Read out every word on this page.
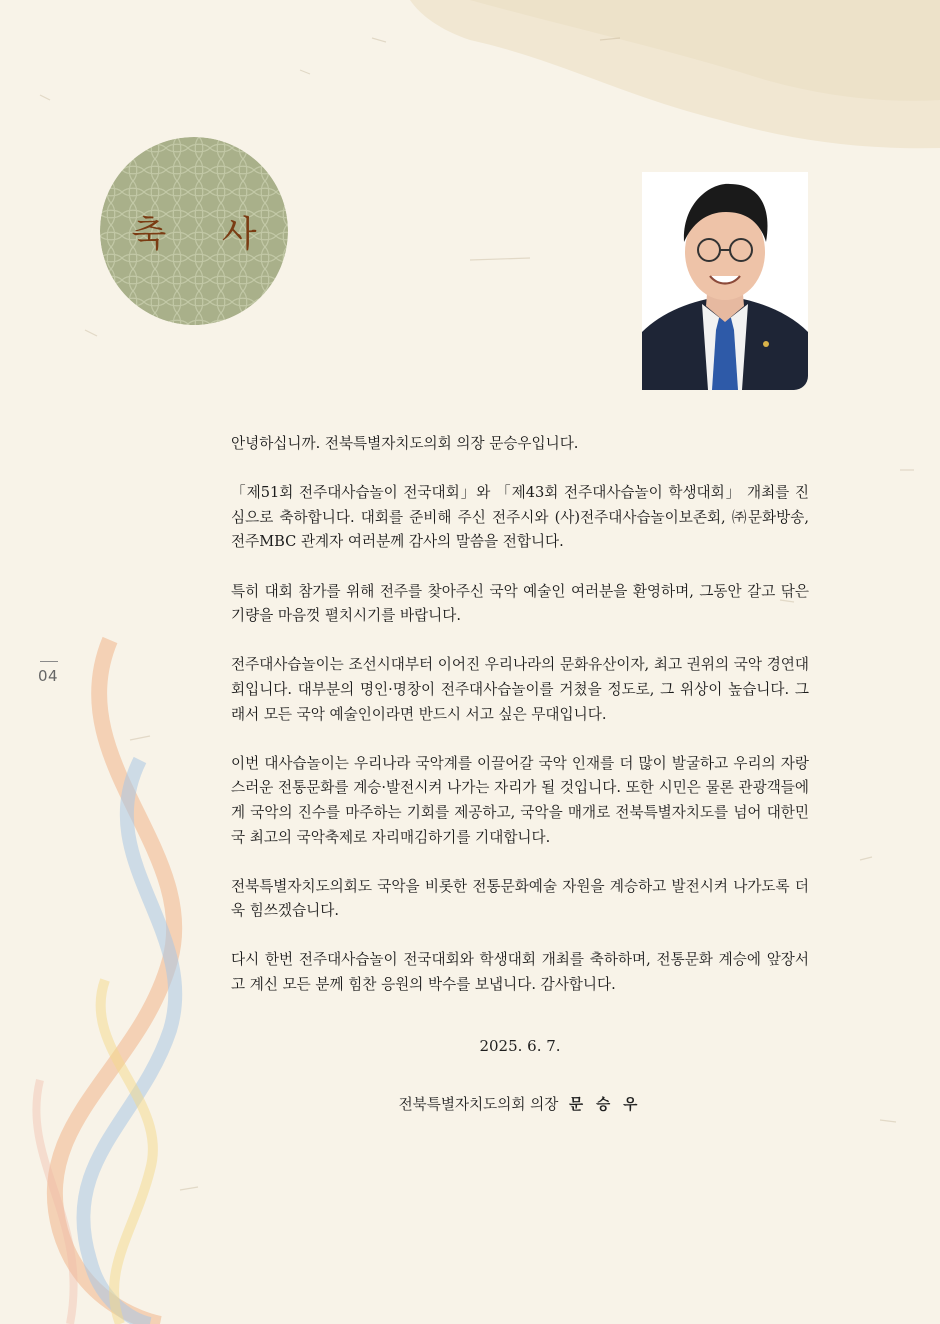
축 사
04

안녕하십니까. 전북특별자치도의회 의장 문승우입니다.

「제51회 전주대사습놀이 전국대회」와 「제43회 전주대사습놀이 학생대회」 개최를 진심으로 축하합니다. 대회를 준비해 주신 전주시와 (사)전주대사습놀이보존회, ㈜문화방송, 전주MBC 관계자 여러분께 감사의 말씀을 전합니다.

특히 대회 참가를 위해 전주를 찾아주신 국악 예술인 여러분을 환영하며, 그동안 갈고 닦은 기량을 마음껏 펼치시기를 바랍니다.

전주대사습놀이는 조선시대부터 이어진 우리나라의 문화유산이자, 최고 권위의 국악 경연대회입니다. 대부분의 명인·명창이 전주대사습놀이를 거쳤을 정도로, 그 위상이 높습니다. 그래서 모든 국악 예술인이라면 반드시 서고 싶은 무대입니다.

이번 대사습놀이는 우리나라 국악계를 이끌어갈 국악 인재를 더 많이 발굴하고 우리의 자랑스러운 전통문화를 계승·발전시켜 나가는 자리가 될 것입니다. 또한 시민은 물론 관광객들에게 국악의 진수를 마주하는 기회를 제공하고, 국악을 매개로 전북특별자치도를 넘어 대한민국 최고의 국악축제로 자리매김하기를 기대합니다.

전북특별자치도의회도 국악을 비롯한 전통문화예술 자원을 계승하고 발전시켜 나가도록 더욱 힘쓰겠습니다.

다시 한번 전주대사습놀이 전국대회와 학생대회 개최를 축하하며, 전통문화 계승에 앞장서고 계신 모든 분께 힘찬 응원의 박수를 보냅니다. 감사합니다.

2025. 6. 7.
전북특별자치도의회 의장 문 승 우
